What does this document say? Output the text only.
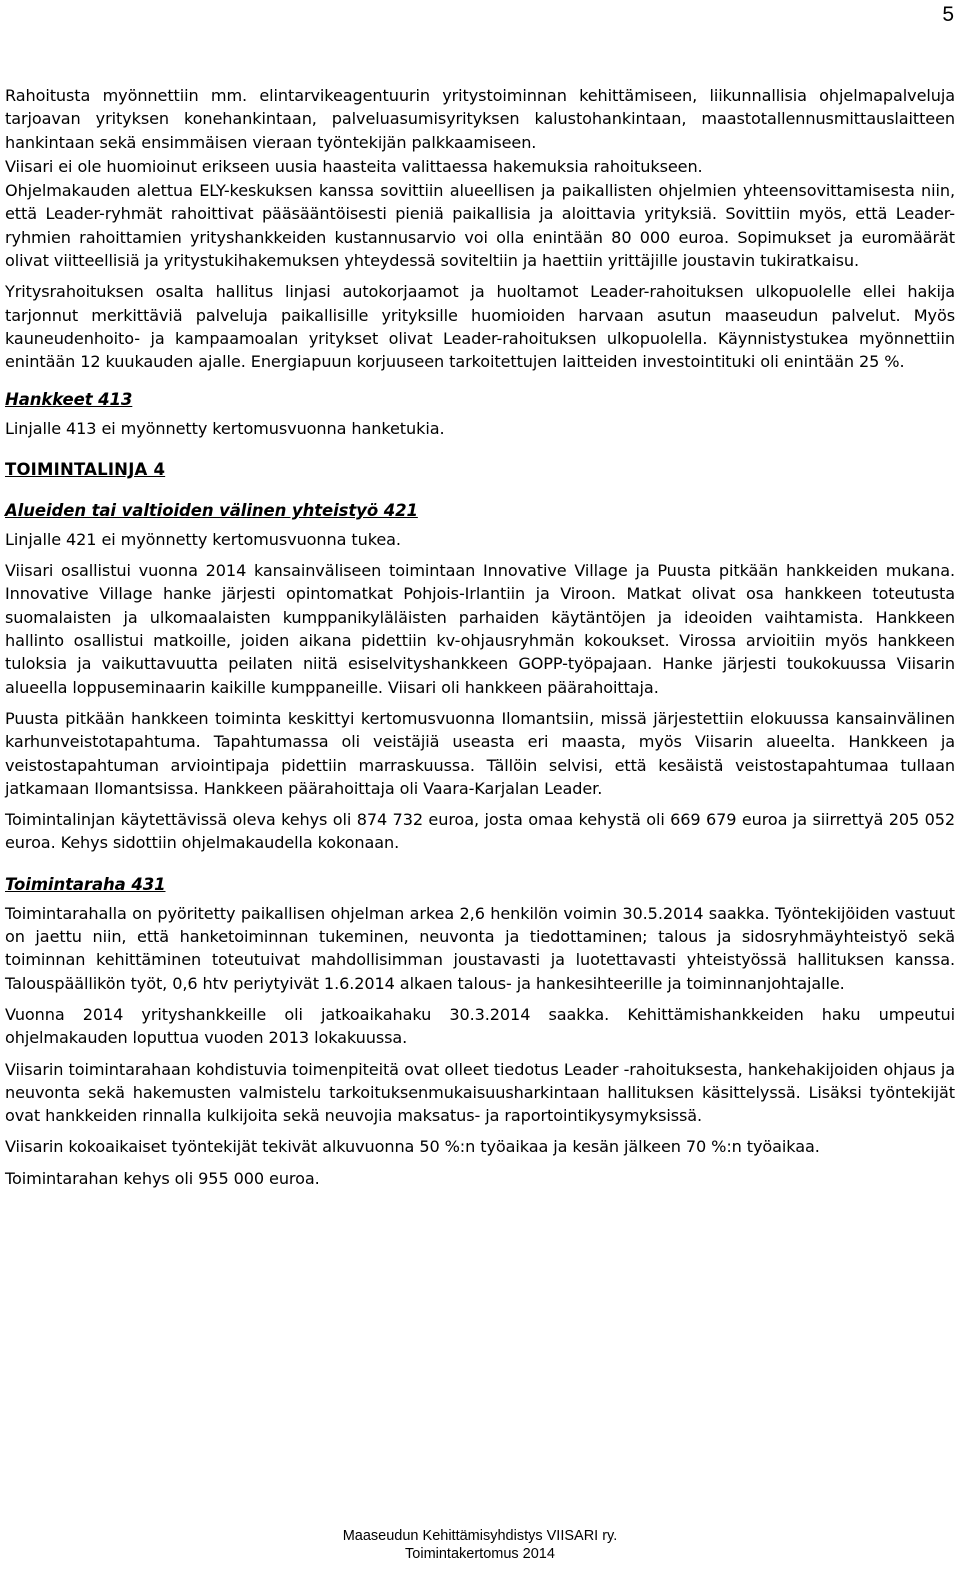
5

Rahoitusta myönnettiin mm. elintarvikeagentuurin yritystoiminnan kehittämiseen, liikunnallisia ohjelmapalveluja tarjoavan yrityksen konehankintaan, palveluasumisyrityksen kalustohankintaan, maastotallennusmittauslaitteen hankintaan sekä ensimmäisen vieraan työntekijän palkkaamiseen.

Viisari ei ole huomioinut erikseen uusia haasteita valittaessa hakemuksia rahoitukseen.

Ohjelmakauden alettua ELY-keskuksen kanssa sovittiin alueellisen ja paikallisten ohjelmien yhteensovittamisesta niin, että Leader-ryhmät rahoittivat pääsääntöisesti pieniä paikallisia ja aloittavia yrityksiä. Sovittiin myös, että Leader-ryhmien rahoittamien yrityshankkeiden kustannusarvio voi olla enintään 80 000 euroa. Sopimukset ja euromäärät olivat viitteellisiä ja yritystukihakemuksen yhteydessä soviteltiin ja haettiin yrittäjille joustavin tukiratkaisu.

Yritysrahoituksen osalta hallitus linjasi autokorjaamot ja huoltamot Leader-rahoituksen ulkopuolelle ellei hakija tarjonnut merkittäviä palveluja paikallisille yrityksille huomioiden harvaan asutun maaseudun palvelut. Myös kauneudenhoito- ja kampaamoalan yritykset olivat Leader-rahoituksen ulkopuolella. Käynnistystukea myönnettiin enintään 12 kuukauden ajalle. Energiapuun korjuuseen tarkoitettujen laitteiden investointituki oli enintään 25 %.

Hankkeet 413

Linjalle 413 ei myönnetty kertomusvuonna hanketukia.

TOIMINTALINJA 4
Alueiden tai valtioiden välinen yhteistyö 421

Linjalle 421 ei myönnetty kertomusvuonna tukea.

Viisari osallistui vuonna 2014 kansainväliseen toimintaan Innovative Village ja Puusta pitkään hankkeiden mukana. Innovative Village hanke järjesti opintomatkat Pohjois-Irlantiin ja Viroon. Matkat olivat osa hankkeen toteutusta suomalaisten ja ulkomaalaisten kumppanikyläläisten parhaiden käytäntöjen ja ideoiden vaihtamista. Hankkeen hallinto osallistui matkoille, joiden aikana pidettiin kv-ohjausryhmän kokoukset. Virossa arvioitiin myös hankkeen tuloksia ja vaikuttavuutta peilaten niitä esiselvityshankkeen GOPP-työpajaan. Hanke järjesti toukokuussa Viisarin alueella loppuseminaarin kaikille kumppaneille. Viisari oli hankkeen päärahoittaja.

Puusta pitkään hankkeen toiminta keskittyi kertomusvuonna Ilomantsiin, missä järjestettiin elokuussa kansainvälinen karhunveistotapahtuma. Tapahtumassa oli veistäjiä useasta eri maasta, myös Viisarin alueelta. Hankkeen ja veistostapahtuman arviointipaja pidettiin marraskuussa. Tällöin selvisi, että kesäistä veistostapahtumaa tullaan jatkamaan Ilomantsissa. Hankkeen päärahoittaja oli Vaara-Karjalan Leader.

Toimintalinjan käytettävissä oleva kehys oli 874 732 euroa, josta omaa kehystä oli 669 679 euroa ja siirrettyä 205 052 euroa. Kehys sidottiin ohjelmakaudella kokonaan.

Toimintaraha 431

Toimintarahalla on pyöritetty paikallisen ohjelman arkea 2,6 henkilön voimin 30.5.2014 saakka. Työntekijöiden vastuut on jaettu niin, että hanketoiminnan tukeminen, neuvonta ja tiedottaminen; talous ja sidosryhmäyhteistyö sekä toiminnan kehittäminen toteutuivat mahdollisimman joustavasti ja luotettavasti yhteistyössä hallituksen kanssa. Talouspäällikön työt, 0,6 htv periytyivät 1.6.2014 alkaen talous- ja hankesihteerille ja toiminnanjohtajalle.

Vuonna 2014 yrityshankkeille oli jatkoaikahaku 30.3.2014 saakka. Kehittämishankkeiden haku umpeutui ohjelmakauden loputtua vuoden 2013 lokakuussa.

Viisarin toimintarahaan kohdistuvia toimenpiteitä ovat olleet tiedotus Leader -rahoituksesta, hankehakijoiden ohjaus ja neuvonta sekä hakemusten valmistelu tarkoituksenmukaisuusharkintaan hallituksen käsittelyssä. Lisäksi työntekijät ovat hankkeiden rinnalla kulkijoita sekä neuvojia maksatus- ja raportointikysymyksissä.

Viisarin kokoaikaiset työntekijät tekivät alkuvuonna 50 %:n työaikaa ja kesän jälkeen 70 %:n työaikaa.

Toimintarahan kehys oli 955 000 euroa.

Maaseudun Kehittämisyhdistys VIISARI ry.
Toimintakertomus 2014
